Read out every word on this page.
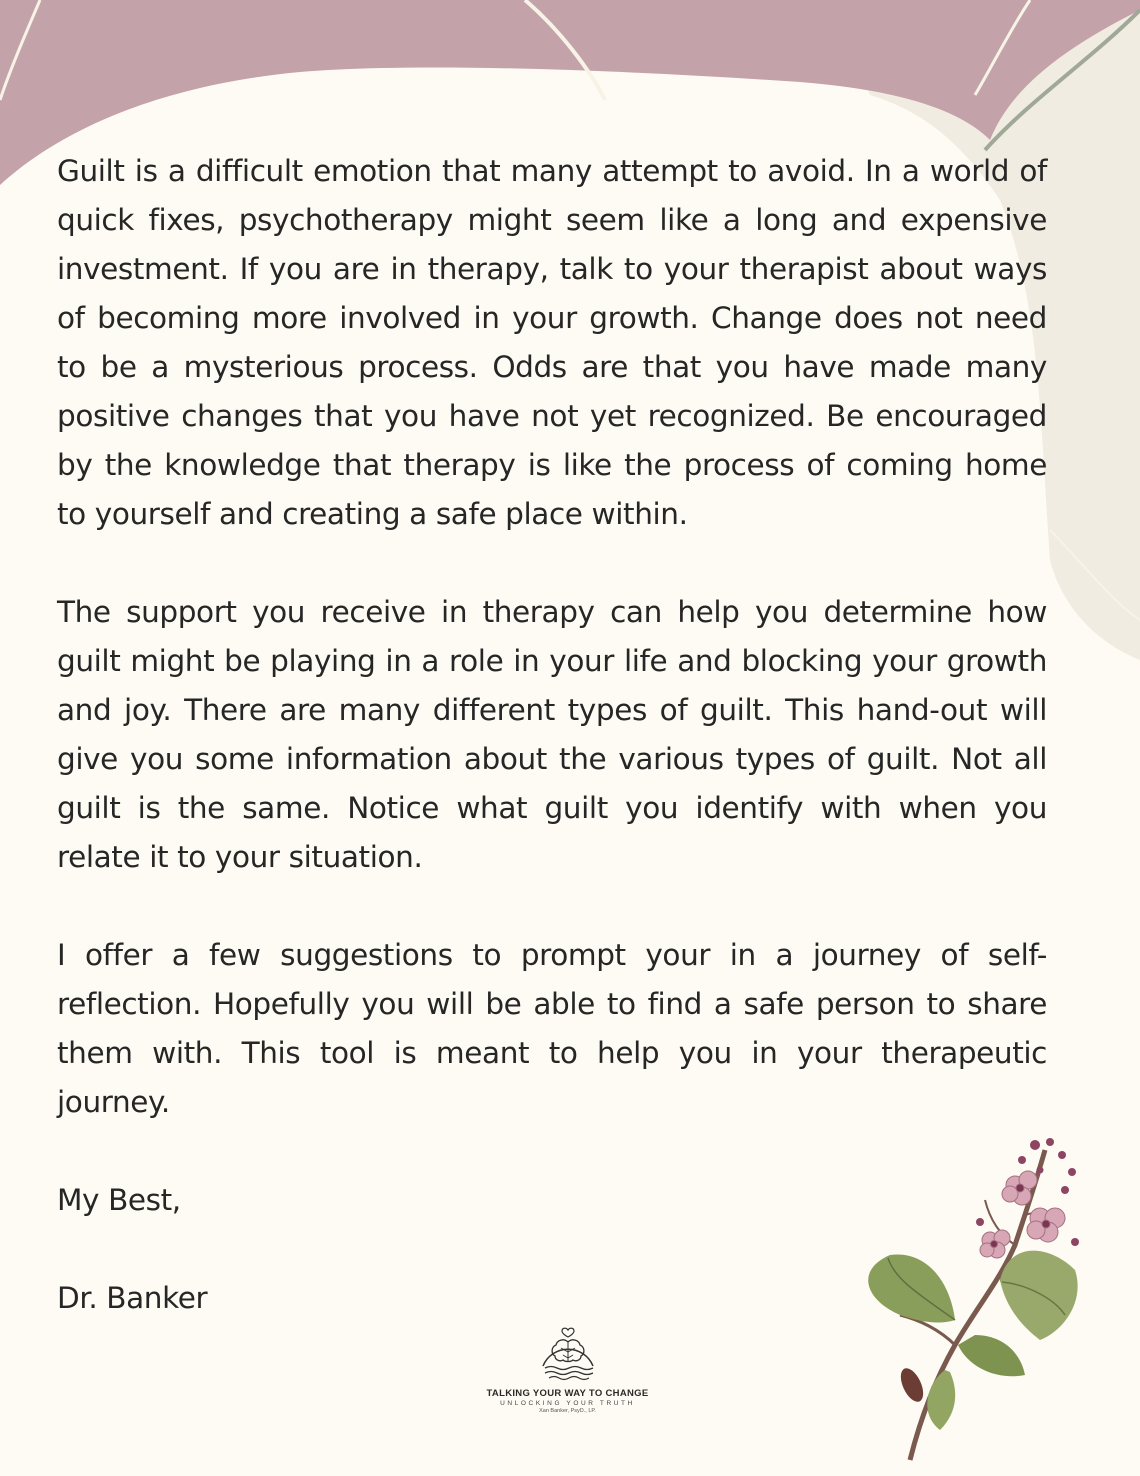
Guilt is a difficult emotion that many attempt to avoid. In a world of quick fixes, psychotherapy might seem like a long and expensive investment. If you are in therapy, talk to your therapist about ways of becoming more involved in your growth. Change does not need to be a mysterious process. Odds are that you have made many positive changes that you have not yet recognized. Be encouraged by the knowledge that therapy is like the process of coming home to yourself and creating a safe place within.

The support you receive in therapy can help you determine how guilt might be playing in a role in your life and blocking your growth and joy. There are many different types of guilt. This hand-out will give you some information about the various types of guilt. Not all guilt is the same. Notice what guilt you identify with when you relate it to your situation.

I offer a few suggestions to prompt your in a journey of self-reflection. Hopefully you will be able to find a safe person to share them with. This tool is meant to help you in your therapeutic journey.

My Best,

Dr. Banker

TALKING YOUR WAY TO CHANGE
UNLOCKING YOUR TRUTH
Xan Banker, PsyD., LP.
